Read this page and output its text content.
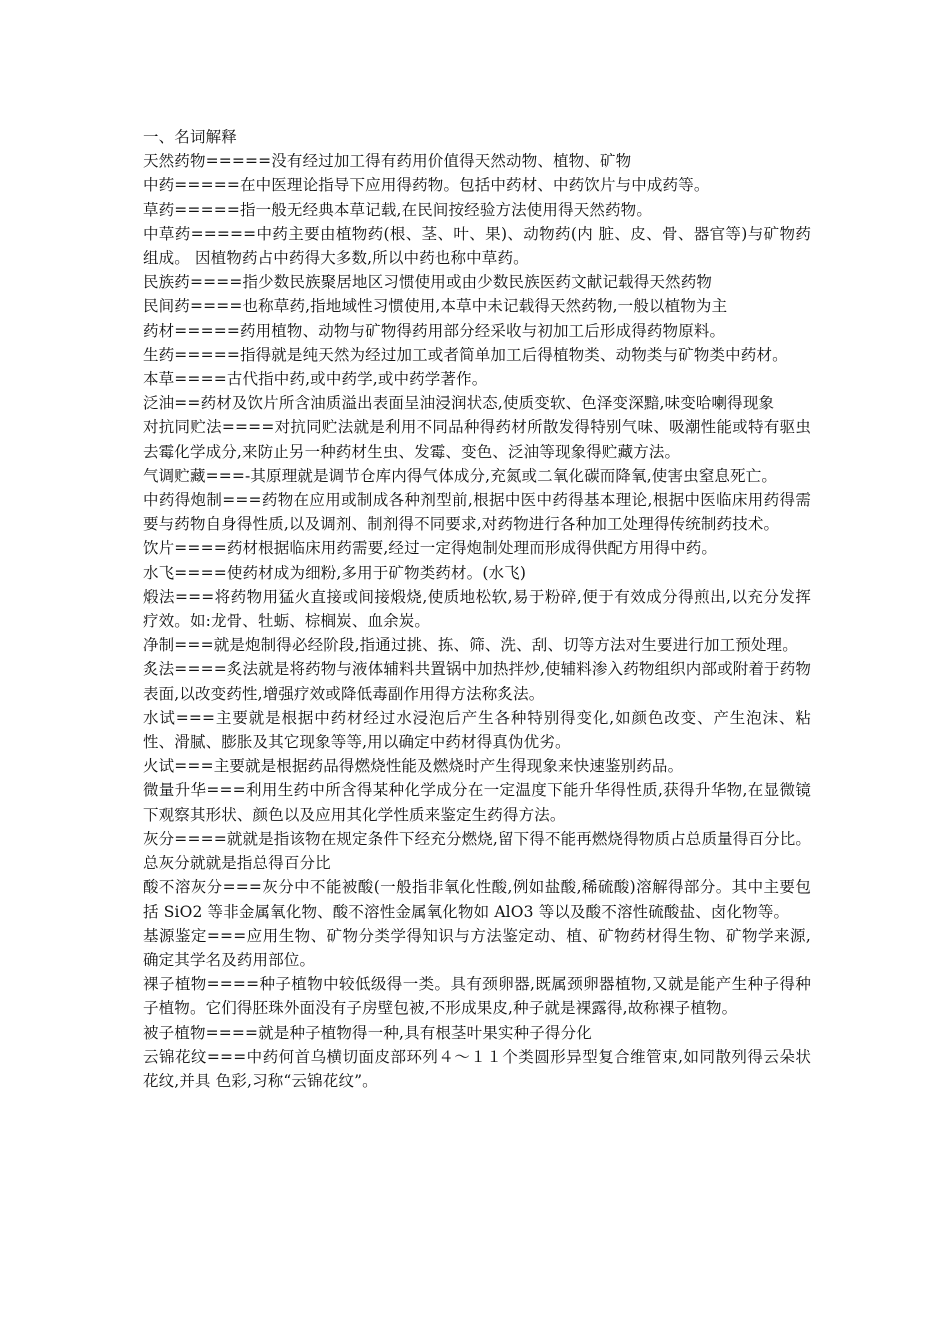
一、名词解释

天然药物=====没有经过加工得有药用价值得天然动物、植物、矿物

中药=====在中医理论指导下应用得药物。包括中药材、中药饮片与中成药等。

草药=====指一般无经典本草记载,在民间按经验方法使用得天然药物。

中草药=====中药主要由植物药(根、茎、叶、果)、动物药(内 脏、皮、骨、器官等)与矿物药组成。 因植物药占中药得大多数,所以中药也称中草药。

民族药====指少数民族聚居地区习惯使用或由少数民族医药文献记载得天然药物

民间药====也称草药,指地域性习惯使用,本草中未记载得天然药物,一般以植物为主

药材=====药用植物、动物与矿物得药用部分经采收与初加工后形成得药物原料。

生药=====指得就是纯天然为经过加工或者简单加工后得植物类、动物类与矿物类中药材。

本草====古代指中药,或中药学,或中药学著作。

泛油==药材及饮片所含油质溢出表面呈油浸润状态,使质变软、色泽变深黯,味变哈喇得现象

对抗同贮法====对抗同贮法就是利用不同品种得药材所散发得特别气味、吸潮性能或特有驱虫去霉化学成分,来防止另一种药材生虫、发霉、变色、泛油等现象得贮藏方法。

气调贮藏===-其原理就是调节仓库内得气体成分,充氮或二氧化碳而降氧,使害虫窒息死亡。

中药得炮制===药物在应用或制成各种剂型前,根据中医中药得基本理论,根据中医临床用药得需要与药物自身得性质,以及调剂、制剂得不同要求,对药物进行各种加工处理得传统制药技术。

饮片====药材根据临床用药需要,经过一定得炮制处理而形成得供配方用得中药。

水飞====使药材成为细粉,多用于矿物类药材。(水飞)

煅法===将药物用猛火直接或间接煅烧,使质地松软,易于粉碎,便于有效成分得煎出,以充分发挥疗效。如:龙骨、牡蛎、棕榈炭、血余炭。

净制===就是炮制得必经阶段,指通过挑、拣、筛、洗、刮、切等方法对生要进行加工预处理。

炙法====炙法就是将药物与液体辅料共置锅中加热拌炒,使辅料渗入药物组织内部或附着于药物表面,以改变药性,增强疗效或降低毒副作用得方法称炙法。

水试===主要就是根据中药材经过水浸泡后产生各种特别得变化,如颜色改变、产生泡沫、粘性、滑腻、膨胀及其它现象等等,用以确定中药材得真伪优劣。

火试===主要就是根据药品得燃烧性能及燃烧时产生得现象来快速鉴别药品。

微量升华===利用生药中所含得某种化学成分在一定温度下能升华得性质,获得升华物,在显微镜下观察其形状、颜色以及应用其化学性质来鉴定生药得方法。

灰分====就就是指该物在规定条件下经充分燃烧,留下得不能再燃烧得物质占总质量得百分比。总灰分就就是指总得百分比

酸不溶灰分===灰分中不能被酸(一般指非氧化性酸,例如盐酸,稀硫酸)溶解得部分。其中主要包括 SiO2 等非金属氧化物、酸不溶性金属氧化物如 AlO3 等以及酸不溶性硫酸盐、卤化物等。

基源鉴定===应用生物、矿物分类学得知识与方法鉴定动、植、矿物药材得生物、矿物学来源,确定其学名及药用部位。

裸子植物====种子植物中较低级得一类。具有颈卵器,既属颈卵器植物,又就是能产生种子得种子植物。它们得胚珠外面没有子房壁包被,不形成果皮,种子就是裸露得,故称裸子植物。

被子植物====就是种子植物得一种,具有根茎叶果实种子得分化

云锦花纹===中药何首乌横切面皮部环列４～１１个类圆形异型复合维管束,如同散列得云朵状花纹,并具 色彩,习称“云锦花纹”。
